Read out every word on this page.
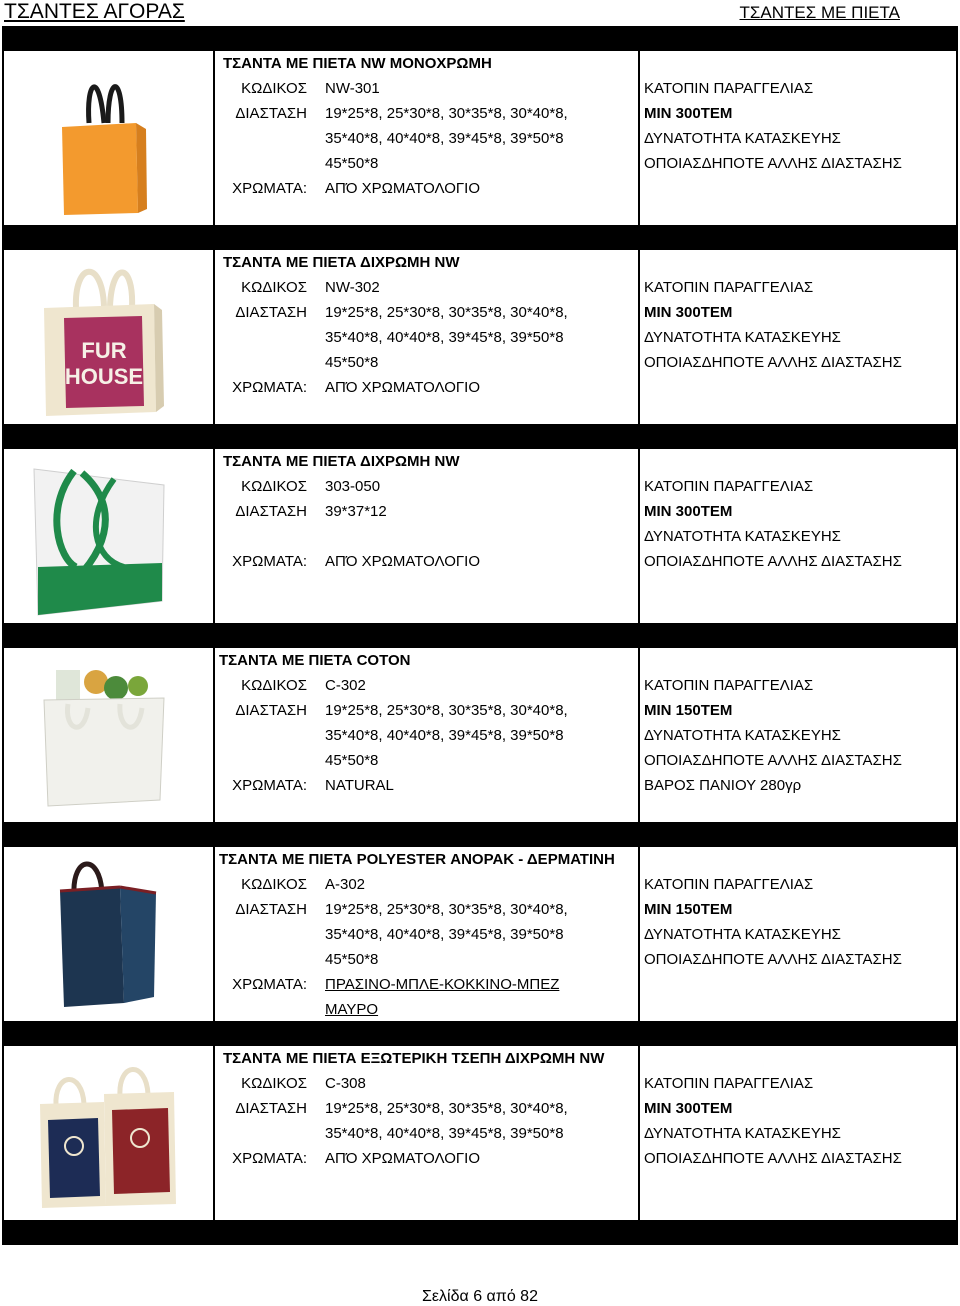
ΤΣΑΝΤΕΣ ΑΓΟΡΑΣ	ΤΣΑΝΤΕΣ ΜΕ ΠΙΕΤΑ
ΤΣΑΝΤΑ ΜΕ ΠΙΕΤΑ NW ΜΟΝΟΧΡΩΜΗ
ΚΩΔΙΚΟΣ NW-301
ΔΙΑΣΤΑΣΗ 19*25*8, 25*30*8, 30*35*8, 30*40*8,
35*40*8, 40*40*8, 39*45*8, 39*50*8
45*50*8
ΧΡΩΜΑΤΑ: ΑΠΌ ΧΡΩΜΑΤΟΛΟΓΙΟ
ΚΑΤΟΠΙΝ ΠΑΡΑΓΓΕΛΙΑΣ
MIN 300TEM
ΔΥΝΑΤΟΤΗΤΑ ΚΑΤΑΣΚΕΥΗΣ
ΟΠΟΙΑΣΔΗΠΟΤΕ ΑΛΛΗΣ ΔΙΑΣΤΑΣΗΣ
FUR
HOUSE
ΤΣΑΝΤΑ ΜΕ ΠΙΕΤΑ ΔΙΧΡΩΜΗ NW
ΚΩΔΙΚΟΣ NW-302
ΔΙΑΣΤΑΣΗ 19*25*8, 25*30*8, 30*35*8, 30*40*8,
35*40*8, 40*40*8, 39*45*8, 39*50*8
45*50*8
ΧΡΩΜΑΤΑ: ΑΠΌ ΧΡΩΜΑΤΟΛΟΓΙΟ
ΚΑΤΟΠΙΝ ΠΑΡΑΓΓΕΛΙΑΣ
MIN 300TEM
ΔΥΝΑΤΟΤΗΤΑ ΚΑΤΑΣΚΕΥΗΣ
ΟΠΟΙΑΣΔΗΠΟΤΕ ΑΛΛΗΣ ΔΙΑΣΤΑΣΗΣ
ΤΣΑΝΤΑ ΜΕ ΠΙΕΤΑ ΔΙΧΡΩΜΗ NW
ΚΩΔΙΚΟΣ 303-050
ΔΙΑΣΤΑΣΗ 39*37*12
ΧΡΩΜΑΤΑ: ΑΠΌ ΧΡΩΜΑΤΟΛΟΓΙΟ
ΚΑΤΟΠΙΝ ΠΑΡΑΓΓΕΛΙΑΣ
MIN 300TEM
ΔΥΝΑΤΟΤΗΤΑ ΚΑΤΑΣΚΕΥΗΣ
ΟΠΟΙΑΣΔΗΠΟΤΕ ΑΛΛΗΣ ΔΙΑΣΤΑΣΗΣ
ΤΣΑΝΤΑ ΜΕ ΠΙΕΤΑ COTON
ΚΩΔΙΚΟΣ C-302
ΔΙΑΣΤΑΣΗ 19*25*8, 25*30*8, 30*35*8, 30*40*8,
35*40*8, 40*40*8, 39*45*8, 39*50*8
45*50*8
ΧΡΩΜΑΤΑ: NATURAL
ΚΑΤΟΠΙΝ ΠΑΡΑΓΓΕΛΙΑΣ
MIN 150TEM
ΔΥΝΑΤΟΤΗΤΑ ΚΑΤΑΣΚΕΥΗΣ
ΟΠΟΙΑΣΔΗΠΟΤΕ ΑΛΛΗΣ ΔΙΑΣΤΑΣΗΣ
ΒΑΡΟΣ ΠΑΝΙΟΥ 280γρ
ΤΣΑΝΤΑ ΜΕ ΠΙΕΤΑ POLYESTER ΑΝΟΡΑΚ - ΔΕΡΜΑΤΙΝΗ
ΚΩΔΙΚΟΣ A-302
ΔΙΑΣΤΑΣΗ 19*25*8, 25*30*8, 30*35*8, 30*40*8,
35*40*8, 40*40*8, 39*45*8, 39*50*8
45*50*8
ΧΡΩΜΑΤΑ: ΠΡΑΣΙΝΟ-ΜΠΛΕ-ΚΟΚΚΙΝΟ-ΜΠΕΖ
ΜΑΥΡΟ
ΚΑΤΟΠΙΝ ΠΑΡΑΓΓΕΛΙΑΣ
MIN 150TEM
ΔΥΝΑΤΟΤΗΤΑ ΚΑΤΑΣΚΕΥΗΣ
ΟΠΟΙΑΣΔΗΠΟΤΕ ΑΛΛΗΣ ΔΙΑΣΤΑΣΗΣ
ΤΣΑΝΤΑ ΜΕ ΠΙΕΤΑ ΕΞΩΤΕΡΙΚΗ ΤΣΕΠΗ ΔΙΧΡΩΜΗ NW
ΚΩΔΙΚΟΣ C-308
ΔΙΑΣΤΑΣΗ 19*25*8, 25*30*8, 30*35*8, 30*40*8,
35*40*8, 40*40*8, 39*45*8, 39*50*8
ΧΡΩΜΑΤΑ: ΑΠΌ ΧΡΩΜΑΤΟΛΟΓΙΟ
ΚΑΤΟΠΙΝ ΠΑΡΑΓΓΕΛΙΑΣ
MIN 300TEM
ΔΥΝΑΤΟΤΗΤΑ ΚΑΤΑΣΚΕΥΗΣ
ΟΠΟΙΑΣΔΗΠΟΤΕ ΑΛΛΗΣ ΔΙΑΣΤΑΣΗΣ
Σελίδα 6 από 82
